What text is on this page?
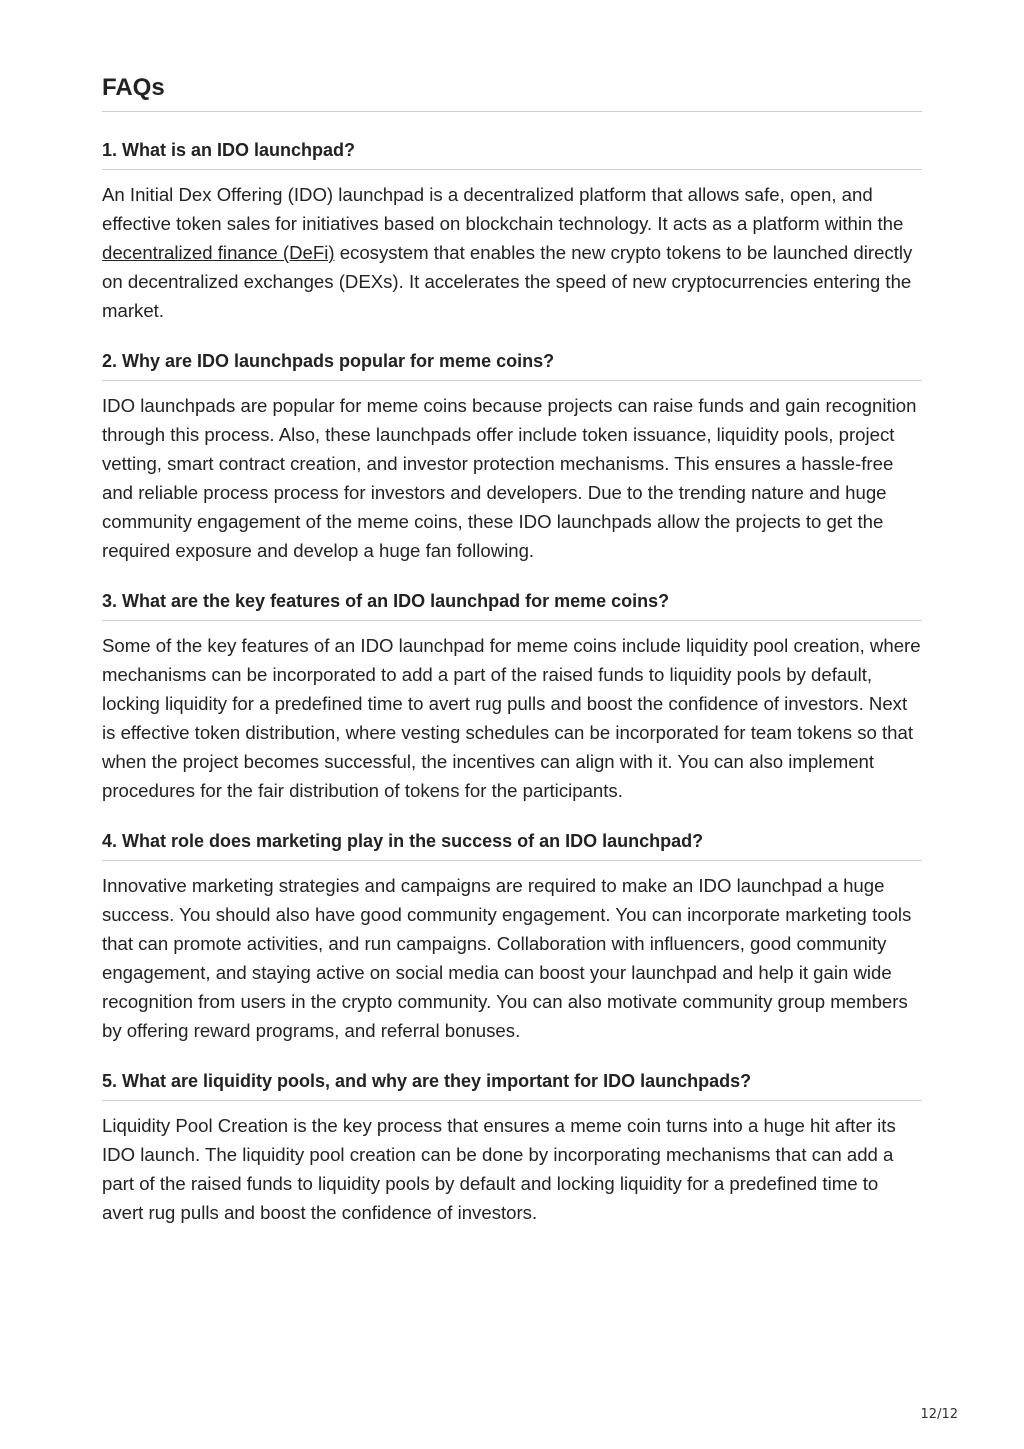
FAQs
1. What is an IDO launchpad?

An Initial Dex Offering (IDO) launchpad is a decentralized platform that allows safe, open, and effective token sales for initiatives based on blockchain technology. It acts as a platform within the decentralized finance (DeFi) ecosystem that enables the new crypto tokens to be launched directly on decentralized exchanges (DEXs). It accelerates the speed of new cryptocurrencies entering the market.

2. Why are IDO launchpads popular for meme coins?

IDO launchpads are popular for meme coins because projects can raise funds and gain recognition through this process. Also, these launchpads offer include token issuance, liquidity pools, project vetting, smart contract creation, and investor protection mechanisms. This ensures a hassle-free and reliable process process for investors and developers. Due to the trending nature and huge community engagement of the meme coins, these IDO launchpads allow the projects to get the required exposure and develop a huge fan following.

3. What are the key features of an IDO launchpad for meme coins?

Some of the key features of an IDO launchpad for meme coins include liquidity pool creation, where mechanisms can be incorporated to add a part of the raised funds to liquidity pools by default, locking liquidity for a predefined time to avert rug pulls and boost the confidence of investors. Next is effective token distribution, where vesting schedules can be incorporated for team tokens so that when the project becomes successful, the incentives can align with it. You can also implement procedures for the fair distribution of tokens for the participants.

4. What role does marketing play in the success of an IDO launchpad?

Innovative marketing strategies and campaigns are required to make an IDO launchpad a huge success. You should also have good community engagement. You can incorporate marketing tools that can promote activities, and run campaigns. Collaboration with influencers, good community engagement, and staying active on social media can boost your launchpad and help it gain wide recognition from users in the crypto community. You can also motivate community group members by offering reward programs, and referral bonuses.

5. What are liquidity pools, and why are they important for IDO launchpads?

Liquidity Pool Creation is the key process that ensures a meme coin turns into a huge hit after its IDO launch. The liquidity pool creation can be done by incorporating mechanisms that can add a part of the raised funds to liquidity pools by default and locking liquidity for a predefined time to avert rug pulls and boost the confidence of investors.

12/12
